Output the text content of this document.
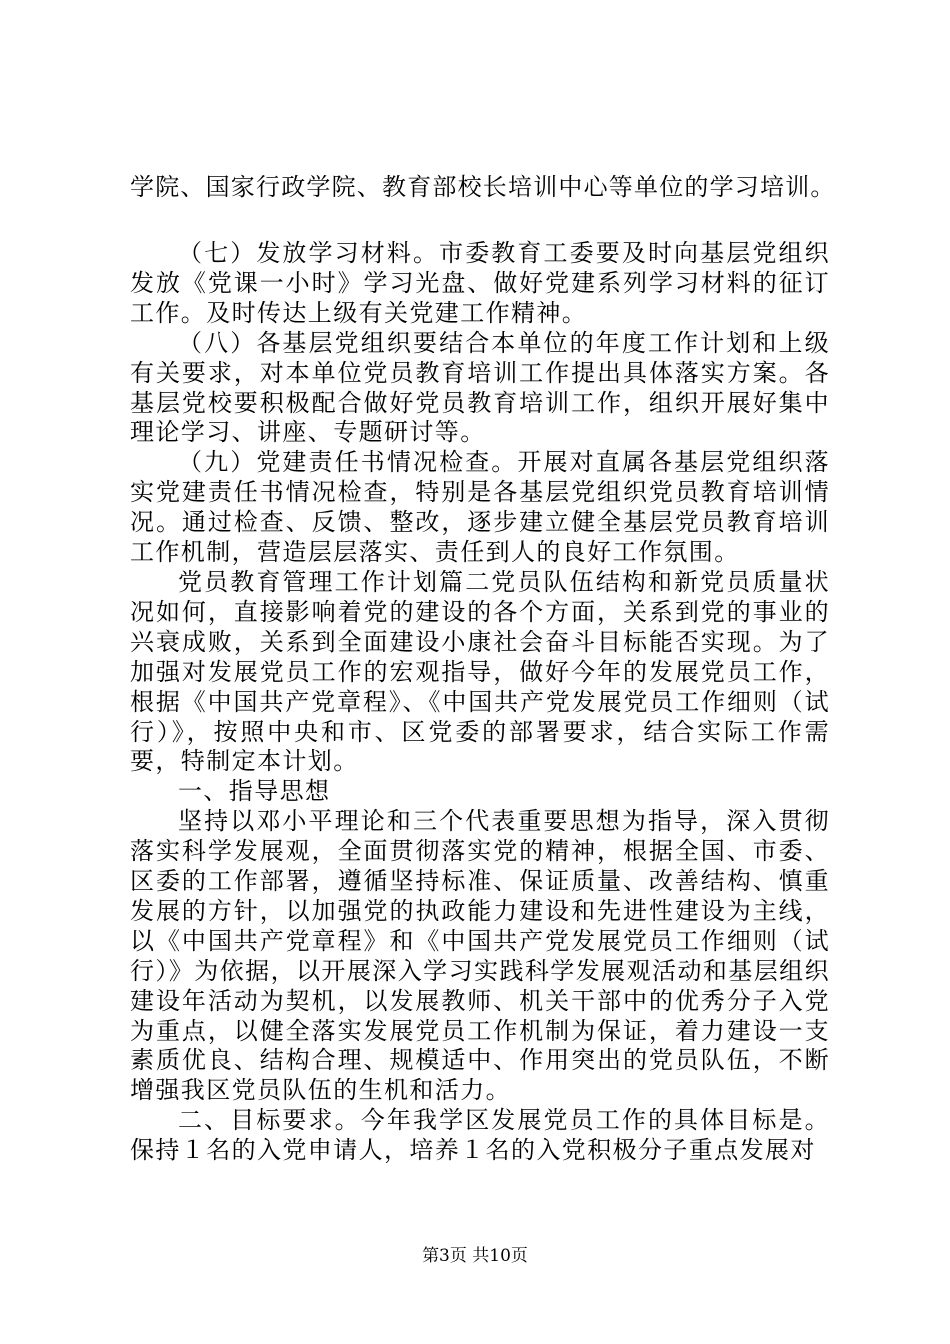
学院、国家行政学院、教育部校长培训中心等单位的学习培训。

（七）发放学习材料。市委教育工委要及时向基层党组织发放《党课一小时》学习光盘、做好党建系列学习材料的征订工作。及时传达上级有关党建工作精神。

（八）各基层党组织要结合本单位的年度工作计划和上级有关要求，对本单位党员教育培训工作提出具体落实方案。各基层党校要积极配合做好党员教育培训工作，组织开展好集中理论学习、讲座、专题研讨等。

（九）党建责任书情况检查。开展对直属各基层党组织落实党建责任书情况检查，特别是各基层党组织党员教育培训情况。通过检查、反馈、整改，逐步建立健全基层党员教育培训工作机制，营造层层落实、责任到人的良好工作氛围。

党员教育管理工作计划篇二党员队伍结构和新党员质量状况如何，直接影响着党的建设的各个方面，关系到党的事业的兴衰成败，关系到全面建设小康社会奋斗目标能否实现。为了加强对发展党员工作的宏观指导，做好今年的发展党员工作，根据《中国共产党章程》、《中国共产党发展党员工作细则（试行）》，按照中央和市、区党委的部署要求，结合实际工作需要，特制定本计划。

一、指导思想

坚持以邓小平理论和三个代表重要思想为指导，深入贯彻落实科学发展观，全面贯彻落实党的精神，根据全国、市委、区委的工作部署，遵循坚持标准、保证质量、改善结构、慎重发展的方针，以加强党的执政能力建设和先进性建设为主线，以《中国共产党章程》和《中国共产党发展党员工作细则（试行）》为依据，以开展深入学习实践科学发展观活动和基层组织建设年活动为契机，以发展教师、机关干部中的优秀分子入党为重点，以健全落实发展党员工作机制为保证，着力建设一支素质优良、结构合理、规模适中、作用突出的党员队伍，不断增强我区党员队伍的生机和活力。

二、目标要求。今年我学区发展党员工作的具体目标是。保持１名的入党申请人，培养１名的入党积极分子重点发展对

第3页 共10页
